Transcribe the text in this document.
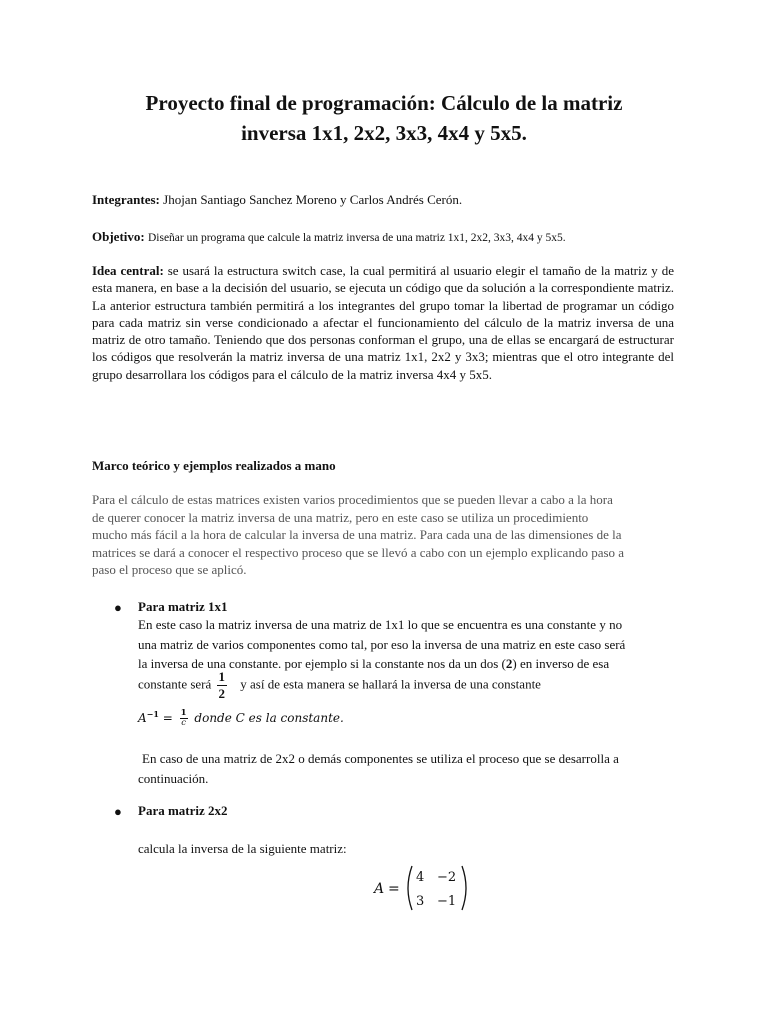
Proyecto final de programación: Cálculo de la matriz
inversa 1x1, 2x2, 3x3, 4x4 y 5x5.

Integrantes: Jhojan Santiago Sanchez Moreno y Carlos Andrés Cerón.

Objetivo: Diseñar un programa que calcule la matriz inversa de una matriz 1x1, 2x2, 3x3, 4x4 y 5x5.

Idea central: se usará la estructura switch case, la cual permitirá al usuario elegir el tamaño de la matriz y de esta manera, en base a la decisión del usuario, se ejecuta un código que da solución a la correspondiente matriz. La anterior estructura también permitirá a los integrantes del grupo tomar la libertad de programar un código para cada matriz sin verse condicionado a afectar el funcionamiento del cálculo de la matriz inversa de una matriz de otro tamaño. Teniendo que dos personas conforman el grupo, una de ellas se encargará de estructurar los códigos que resolverán la matriz inversa de una matriz 1x1, 2x2 y 3x3; mientras que el otro integrante del grupo desarrollara los códigos para el cálculo de la matriz inversa 4x4 y 5x5.

Marco teórico y ejemplos realizados a mano

Para el cálculo de estas matrices existen varios procedimientos que se pueden llevar a cabo a la hora
de querer conocer la matriz inversa de una matriz, pero en este caso se utiliza un procedimiento
mucho más fácil a la hora de calcular la inversa de una matriz. Para cada una de las dimensiones de la
matrices se dará a conocer el respectivo proceso que se llevó a cabo con un ejemplo explicando paso a
paso el proceso que se aplicó.
● Para matriz 1x1

En este caso la matriz inversa de una matriz de 1x1 lo que se encuentra es una constante y no
una matriz de varios componentes como tal, por eso la inversa de una matriz en este caso será
la inversa de una constante. por ejemplo si la constante nos da un dos (2) en inverso de esa
constante será $\frac{1}{2}$ y así de esta manera se hallará la inversa de una constante
$A^{-1} = \frac{1}{c}$ donde C es la constante.
En caso de una matriz de 2x2 o demás componentes se utiliza el proceso que se desarrolla a
continuación.
● Para matriz 2x2

calcula la inversa de la siguiente matriz:

A =
4 −2
3 −1
